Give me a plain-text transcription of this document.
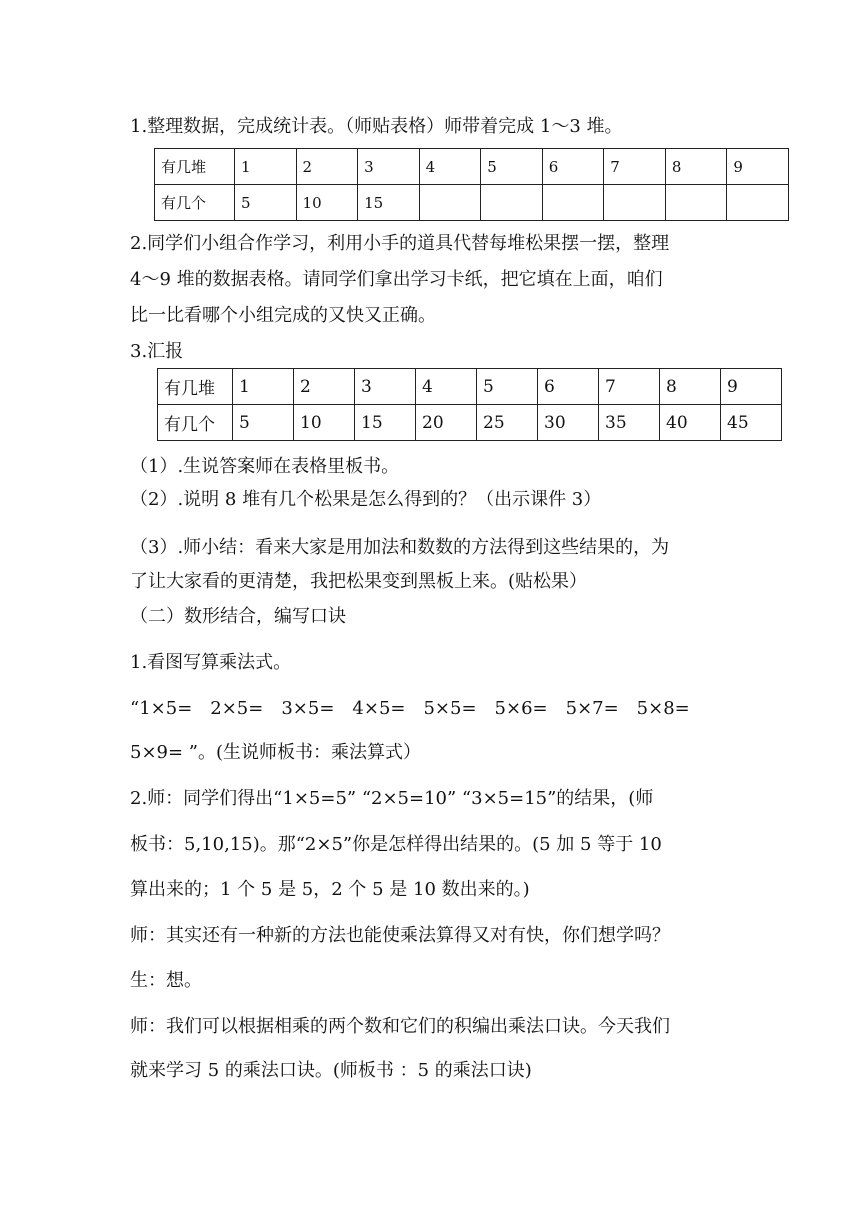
1.整理数据，完成统计表。（师贴表格）师带着完成 1～3 堆。
有几堆	1	2	3	4	5	6	7	8	9
有几个	5	10	15						
2.同学们小组合作学习，利用小手的道具代替每堆松果摆一摆，整理
4～9 堆的数据表格。请同学们拿出学习卡纸，把它填在上面，咱们
比一比看哪个小组完成的又快又正确。
3.汇报
有几堆	1	2	3	4	5	6	7	8	9
有几个	5	10	15	20	25	30	35	40	45
（1）.生说答案师在表格里板书。
（2）.说明 8 堆有几个松果是怎么得到的？（出示课件 3）
（3）.师小结：看来大家是用加法和数数的方法得到这些结果的，为
了让大家看的更清楚，我把松果变到黑板上来。(贴松果）
（二）数形结合，编写口诀
1.看图写算乘法式。
“1×5=　2×5=　3×5=　4×5=　5×5=　5×6=　5×7=　5×8=
5×9= ”。(生说师板书：乘法算式）
2.师：同学们得出“1×5=5” “2×5=10” “3×5=15”的结果，(师
板书：5,10,15)。那“2×5”你是怎样得出结果的。(5 加 5 等于 10
算出来的；1 个 5 是 5，2 个 5 是 10 数出来的。)
师：其实还有一种新的方法也能使乘法算得又对有快，你们想学吗？
生：想。
师：我们可以根据相乘的两个数和它们的积编出乘法口诀。今天我们
就来学习 5 的乘法口诀。(师板书 ：5 的乘法口诀)
